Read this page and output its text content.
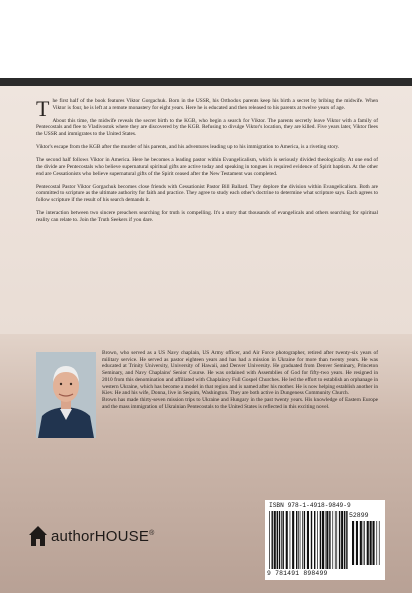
The first half of the book features Viktor Gorgachuk. Born in the USSR, his Orthodox parents keep his birth a secret by bribing the midwife. When Viktor is four, he is left at a remote monastery for eight years. Here he is educated and then released to his parents at twelve years of age.

About this time, the midwife reveals the secret birth to the KGB, who begin a search for Viktor. The parents secretly leave Viktor with a family of Pentecostals and flee to Vladivostok where they are discovered by the KGB. Refusing to divulge Viktor's location, they are killed. Five years later, Viktor flees the USSR and immigrates to the United States.

Viktor's escape from the KGB after the murder of his parents, and his adventures leading up to his immigration to America, is a riveting story.

The second half follows Viktor in America. Here he becomes a leading pastor within Evangelicalism, which is seriously divided theologically. At one end of the divide are Pentecostals who believe supernatural spiritual gifts are active today and speaking in tongues is required evidence of Spirit baptism. At the other end are Cessationists who believe supernatural gifts of the Spirit ceased after the New Testament was completed.

Pentecostal Pastor Viktor Gorgachuk becomes close friends with Cessationist Pastor Bill Ballard. They deplore the division within Evangelicalism. Both are committed to scripture as the ultimate authority for faith and practice. They agree to study each other's doctrine to determine what scripture says. Each agrees to follow scripture if the result of his search demands it.

The interaction between two sincere preachers searching for truth is compelling. It's a story that thousands of evangelicals and others searching for spiritual reality can relate to. Join the Truth Seekers if you dare.

Brown, who served as a US Navy chaplain, US Army officer, and Air Force photographer, retired after twenty-six years of military service. He served as pastor eighteen years and has had a mission in Ukraine for more than twenty years. He was educated at Trinity University, University of Hawaii, and Denver University. He graduated from Denver Seminary, Princeton Seminary, and Navy Chaplains' Senior Course. He was ordained with Assemblies of God for fifty-two years. He resigned in 2010 from this denomination and affiliated with Chaplaincy Full Gospel Churches. He led the effort to establish an orphanage in western Ukraine, which has become a model in that region and is named after his mother. He is now helping establish another in Kiev. He and his wife, Donna, live in Sequim, Washington. They are both active in Dungeness Community Church.

Brown has made thirty-seven mission trips to Ukraine and Hungary in the past twenty years. His knowledge of Eastern Europe and the mass immigration of Ukrainian Pentecostals to the United States is reflected in this exciting novel.

authorHOUSE®
ISBN 978-1-4918-9849-9
52899
9 781491 898499
